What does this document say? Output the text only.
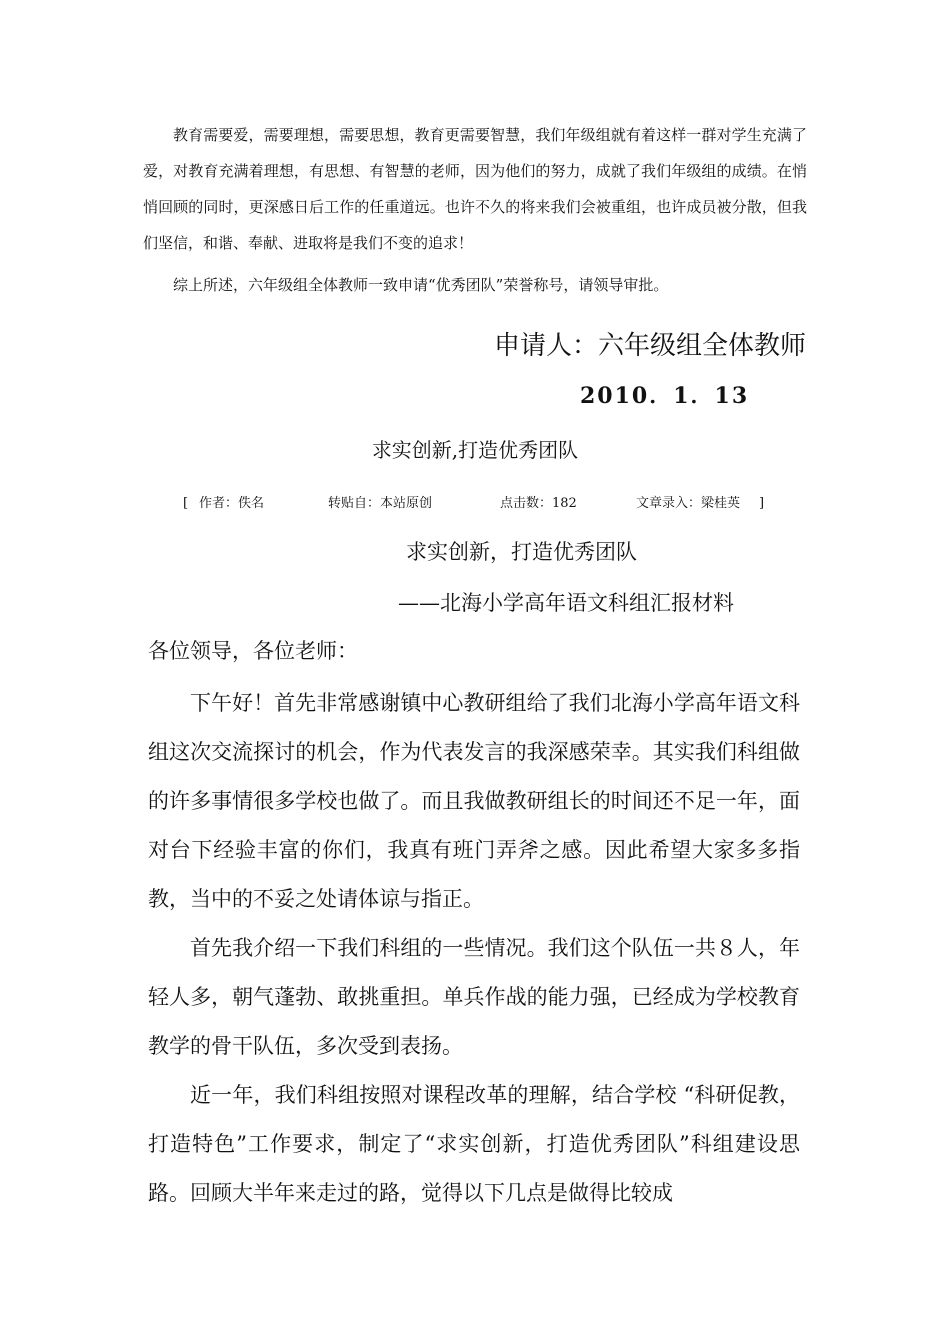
教育需要爱，需要理想，需要思想，教育更需要智慧，我们年级组就有着这样一群对学生充满了爱，对教育充满着理想，有思想、有智慧的老师，因为他们的努力，成就了我们年级组的成绩。在悄悄回顾的同时，更深感日后工作的任重道远。也许不久的将来我们会被重组，也许成员被分散，但我们坚信，和谐、奉献、进取将是我们不变的追求！

综上所述，六年级组全体教师一致申请“优秀团队”荣誉称号，请领导审批。

申请人：六年级组全体教师

2010．1．13

求实创新,打造优秀团队

[ 作者：佚名	转贴自：本站原创	点击数：182	文章录入：梁桂英 ]

求实创新，打造优秀团队

——北海小学高年语文科组汇报材料

各位领导，各位老师：

下午好！首先非常感谢镇中心教研组给了我们北海小学高年语文科组这次交流探讨的机会，作为代表发言的我深感荣幸。其实我们科组做的许多事情很多学校也做了。而且我做教研组长的时间还不足一年，面对台下经验丰富的你们，我真有班门弄斧之感。因此希望大家多多指教，当中的不妥之处请体谅与指正。

首先我介绍一下我们科组的一些情况。我们这个队伍一共８人，年轻人多，朝气蓬勃、敢挑重担。单兵作战的能力强，已经成为学校教育教学的骨干队伍，多次受到表扬。

近一年，我们科组按照对课程改革的理解，结合学校 “科研促教，打造特色”工作要求，制定了“求实创新，打造优秀团队”科组建设思路。回顾大半年来走过的路，觉得以下几点是做得比较成
